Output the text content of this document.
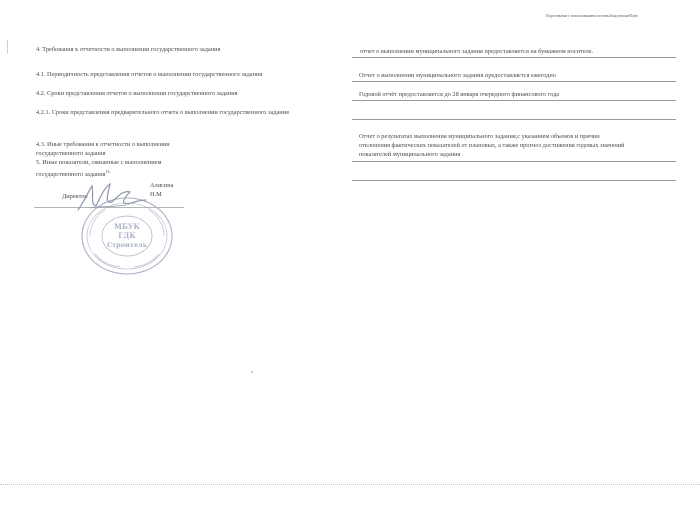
Подготовлено с использованием системы КонсультантПлюс
4. Требования к отчетности о выполнении государственного задания
4.1. Периодичность представления отчетов о выполнении государственного задания
4.2. Сроки представления отчетов о выполнении государственного задания
4.2.1. Сроки представления предварительного отчета о выполнении государственного задания
4.3. Иные требования к отчетности о выполнении
государственного задания
5. Иные показатели, связанные с выполнением
государственного задания$^{16}$
отчет о выполнении муниципального задания предоставляется на бумажном носителе.
Отчет о выполнении муниципального задания предоставляется ежегодно
Годовой отчёт предоставляется до 28 января очередного финансового года
Отчет о результатах выполнения муниципального задания,с указанием объемов и причин
отклонения фактических показателей от плановых, а также прогноз достижения годовых значений
показателей муниципального задания
Алисина
Н.М
Директор
МБУК
ГДК
Строитель
